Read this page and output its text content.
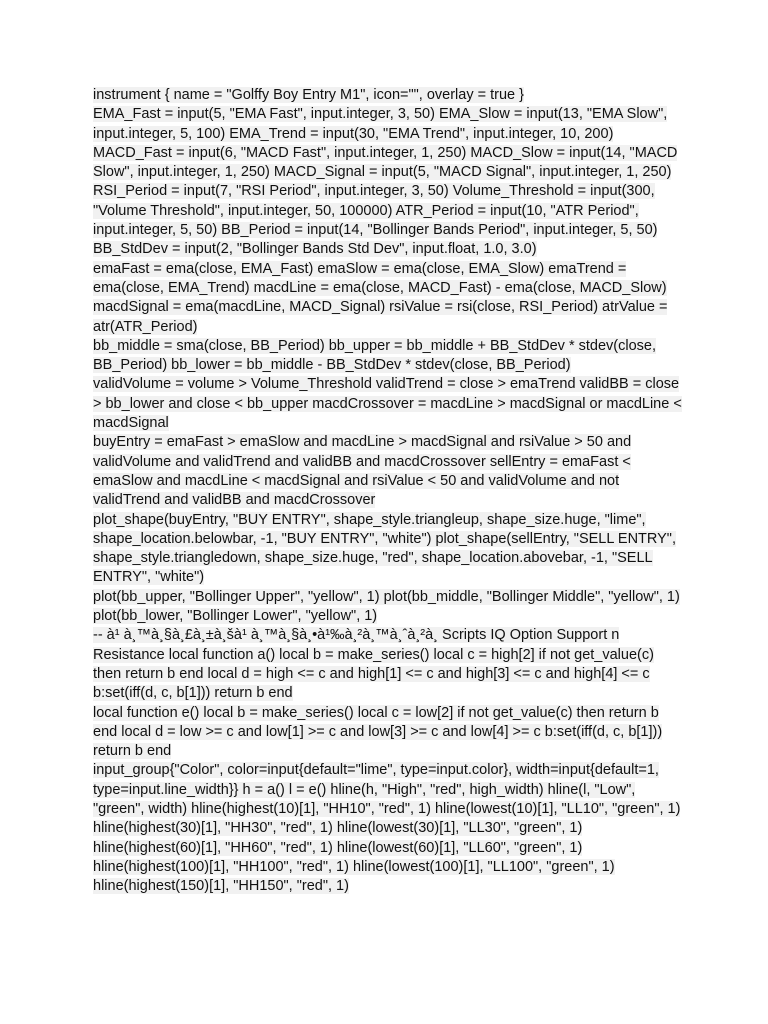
instrument { name = "Golffy Boy Entry M1", icon="", overlay = true }

EMA_Fast = input(5, "EMA Fast", input.integer, 3, 50) EMA_Slow = input(13, "EMA Slow", input.integer, 5, 100) EMA_Trend = input(30, "EMA Trend", input.integer, 10, 200) MACD_Fast = input(6, "MACD Fast", input.integer, 1, 250) MACD_Slow = input(14, "MACD Slow", input.integer, 1, 250) MACD_Signal = input(5, "MACD Signal", input.integer, 1, 250) RSI_Period = input(7, "RSI Period", input.integer, 3, 50) Volume_Threshold = input(300, "Volume Threshold", input.integer, 50, 100000) ATR_Period = input(10, "ATR Period", input.integer, 5, 50) BB_Period = input(14, "Bollinger Bands Period", input.integer, 5, 50) BB_StdDev = input(2, "Bollinger Bands Std Dev", input.float, 1.0, 3.0)

emaFast = ema(close, EMA_Fast) emaSlow = ema(close, EMA_Slow) emaTrend = ema(close, EMA_Trend) macdLine = ema(close, MACD_Fast) - ema(close, MACD_Slow) macdSignal = ema(macdLine, MACD_Signal) rsiValue = rsi(close, RSI_Period) atrValue = atr(ATR_Period)

bb_middle = sma(close, BB_Period) bb_upper = bb_middle + BB_StdDev * stdev(close, BB_Period) bb_lower = bb_middle - BB_StdDev * stdev(close, BB_Period)

validVolume = volume > Volume_Threshold validTrend = close > emaTrend validBB = close > bb_lower and close < bb_upper macdCrossover = macdLine > macdSignal or macdLine < macdSignal

buyEntry = emaFast > emaSlow and macdLine > macdSignal and rsiValue > 50 and validVolume and validTrend and validBB and macdCrossover sellEntry = emaFast < emaSlow and macdLine < macdSignal and rsiValue < 50 and validVolume and not validTrend and validBB and macdCrossover

plot_shape(buyEntry, "BUY ENTRY", shape_style.triangleup, shape_size.huge, "lime", shape_location.belowbar, -1, "BUY ENTRY", "white") plot_shape(sellEntry, "SELL ENTRY", shape_style.triangledown, shape_size.huge, "red", shape_location.abovebar, -1, "SELL ENTRY", "white")

plot(bb_upper, "Bollinger Upper", "yellow", 1) plot(bb_middle, "Bollinger Middle", "yellow", 1) plot(bb_lower, "Bollinger Lower", "yellow", 1)

-- à¹ à¸™à¸§à¸£à¸±à¸šà¹ à¸™à¸§à¸•à¹‰à¸²à¸™à¸ˆà¸²à¸ Scripts IQ Option Support n Resistance local function a() local b = make_series() local c = high[2] if not get_value(c) then return b end local d = high <= c and high[1] <= c and high[3] <= c and high[4] <= c b:set(iff(d, c, b[1])) return b end

local function e() local b = make_series() local c = low[2] if not get_value(c) then return b end local d = low >= c and low[1] >= c and low[3] >= c and low[4] >= c b:set(iff(d, c, b[1])) return b end

input_group{"Color", color=input{default="lime", type=input.color}, width=input{default=1, type=input.line_width}} h = a() l = e() hline(h, "High", "red", high_width) hline(l, "Low", "green", width) hline(highest(10)[1], "HH10", "red", 1) hline(lowest(10)[1], "LL10", "green", 1) hline(highest(30)[1], "HH30", "red", 1) hline(lowest(30)[1], "LL30", "green", 1) hline(highest(60)[1], "HH60", "red", 1) hline(lowest(60)[1], "LL60", "green", 1) hline(highest(100)[1], "HH100", "red", 1) hline(lowest(100)[1], "LL100", "green", 1) hline(highest(150)[1], "HH150", "red", 1)
